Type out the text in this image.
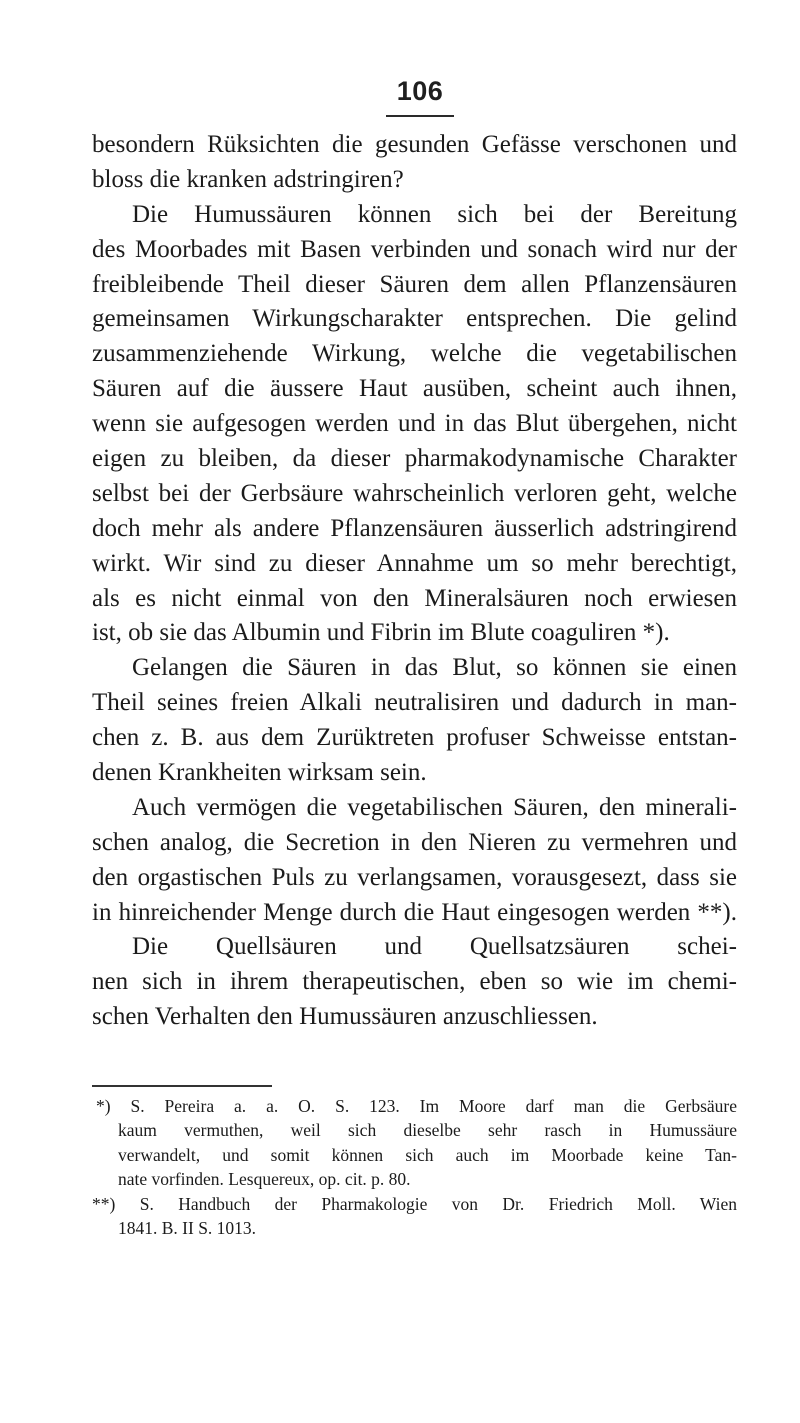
106
besondern Rüksichten die gesunden Gefässe verschonen und
bloss die kranken adstringiren?
Die Humussäuren können sich bei der Bereitung
des Moorbades mit Basen verbinden und sonach wird nur der
freibleibende Theil dieser Säuren dem allen Pflanzensäuren
gemeinsamen Wirkungscharakter entsprechen. Die gelind
zusammenziehende Wirkung, welche die vegetabilischen
Säuren auf die äussere Haut ausüben, scheint auch ihnen,
wenn sie aufgesogen werden und in das Blut übergehen, nicht
eigen zu bleiben, da dieser pharmakodynamische Charakter
selbst bei der Gerbsäure wahrscheinlich verloren geht, welche
doch mehr als andere Pflanzensäuren äusserlich adstringirend
wirkt. Wir sind zu dieser Annahme um so mehr berechtigt,
als es nicht einmal von den Mineralsäuren noch erwiesen
ist, ob sie das Albumin und Fibrin im Blute coaguliren *).
Gelangen die Säuren in das Blut, so können sie einen
Theil seines freien Alkali neutralisiren und dadurch in man-
chen z. B. aus dem Zurüktreten profuser Schweisse entstan-
denen Krankheiten wirksam sein.
Auch vermögen die vegetabilischen Säuren, den minerali-
schen analog, die Secretion in den Nieren zu vermehren und
den orgastischen Puls zu verlangsamen, vorausgesezt, dass sie
in hinreichender Menge durch die Haut eingesogen werden **).
Die Quellsäuren und Quellsatzsäuren schei-
nen sich in ihrem therapeutischen, eben so wie im chemi-
schen Verhalten den Humussäuren anzuschliessen.
*) S. Pereira a. a. O. S. 123. Im Moore darf man die Gerbsäure
kaum vermuthen, weil sich dieselbe sehr rasch in Humussäure
verwandelt, und somit können sich auch im Moorbade keine Tan-
nate vorfinden. Lesquereux, op. cit. p. 80.
**) S. Handbuch der Pharmakologie von Dr. Friedrich Moll. Wien
1841. B. II S. 1013.
